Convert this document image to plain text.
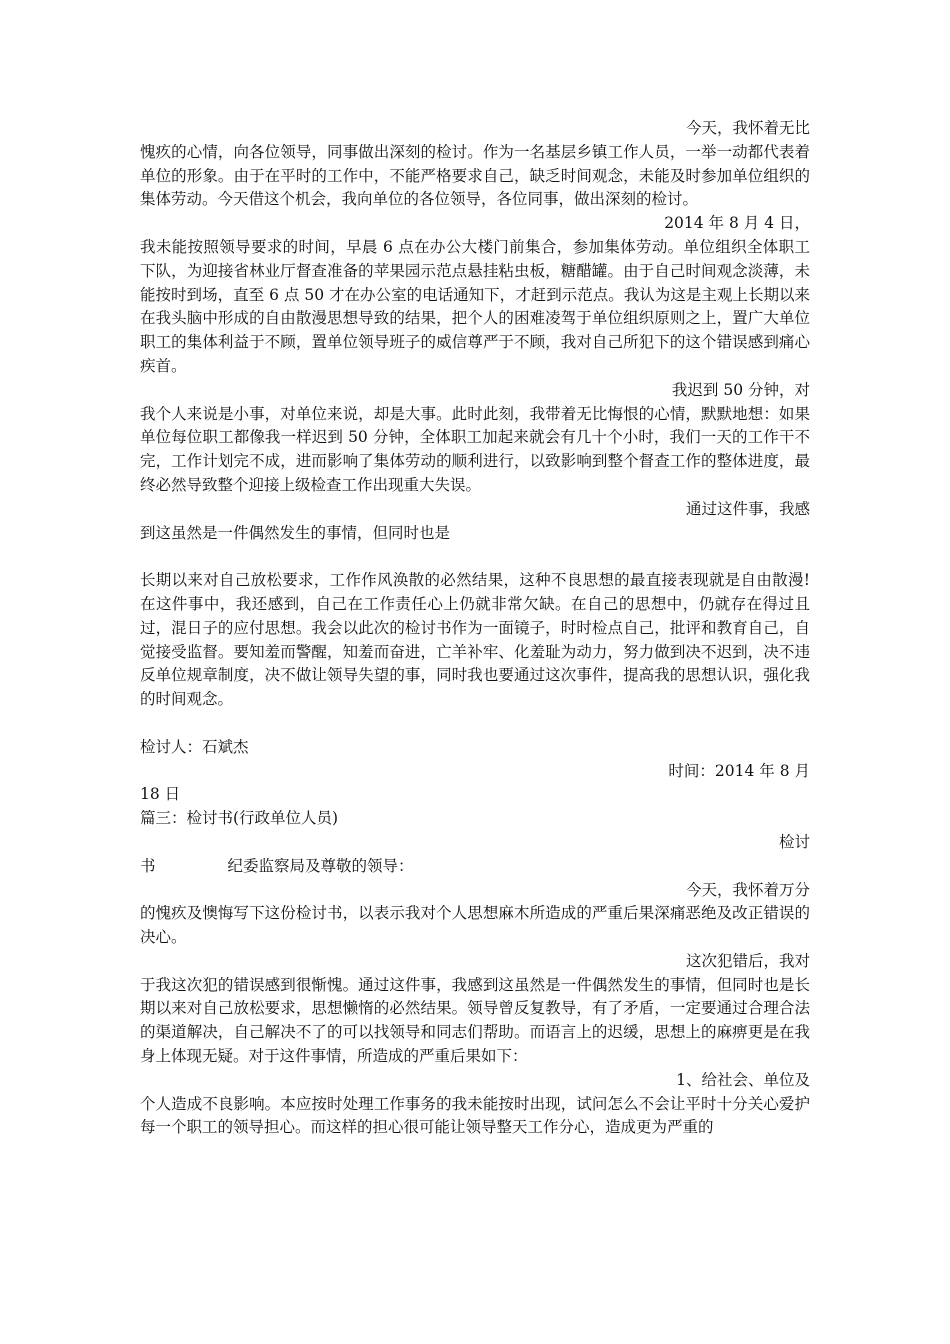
今天，我怀着无比
愧疚的心情，向各位领导，同事做出深刻的检讨。作为一名基层乡镇工作人员，一举一动都代表着单位的形象。由于在平时的工作中，不能严格要求自己，缺乏时间观念，未能及时参加单位组织的集体劳动。今天借这个机会，我向单位的各位领导，各位同事，做出深刻的检讨。

2014 年 8 月 4 日，
我未能按照领导要求的时间，早晨 6 点在办公大楼门前集合，参加集体劳动。单位组织全体职工下队，为迎接省林业厅督查准备的苹果园示范点悬挂粘虫板，糖醋罐。由于自己时间观念淡薄，未能按时到场，直至 6 点 50 才在办公室的电话通知下，才赶到示范点。我认为这是主观上长期以来在我头脑中形成的自由散漫思想导致的结果，把个人的困难凌驾于单位组织原则之上，置广大单位职工的集体利益于不顾，置单位领导班子的威信尊严于不顾，我对自己所犯下的这个错误感到痛心疾首。

我迟到 50 分钟，对
我个人来说是小事，对单位来说，却是大事。此时此刻，我带着无比悔恨的心情，默默地想：如果单位每位职工都像我一样迟到 50 分钟，全体职工加起来就会有几十个小时，我们一天的工作干不完，工作计划完不成，进而影响了集体劳动的顺利进行，以致影响到整个督查工作的整体进度，最终必然导致整个迎接上级检查工作出现重大失误。

通过这件事，我感
到这虽然是一件偶然发生的事情，但同时也是

长期以来对自己放松要求，工作作风涣散的必然结果，这种不良思想的最直接表现就是自由散漫!在这件事中，我还感到，自己在工作责任心上仍就非常欠缺。在自己的思想中，仍就存在得过且过，混日子的应付思想。我会以此次的检讨书作为一面镜子，时时检点自己，批评和教育自己，自觉接受监督。要知羞而警醒，知羞而奋进，亡羊补牢、化羞耻为动力，努力做到决不迟到，决不违反单位规章制度，决不做让领导失望的事，同时我也要通过这次事件，提高我的思想认识，强化我的时间观念。

检讨人：石斌杰

时间：2014 年 8 月

18 日

篇三：检讨书(行政单位人员)

检讨

书	纪委监察局及尊敬的领导：

今天，我怀着万分
的愧疚及懊悔写下这份检讨书，以表示我对个人思想麻木所造成的严重后果深痛恶绝及改正错误的决心。

这次犯错后，我对
于我这次犯的错误感到很惭愧。通过这件事，我感到这虽然是一件偶然发生的事情，但同时也是长期以来对自己放松要求，思想懒惰的必然结果。领导曾反复教导，有了矛盾，一定要通过合理合法的渠道解决，自己解决不了的可以找领导和同志们帮助。而语言上的迟缓，思想上的麻痹更是在我身上体现无疑。对于这件事情，所造成的严重后果如下：

1、给社会、单位及
个人造成不良影响。本应按时处理工作事务的我未能按时出现，试问怎么不会让平时十分关心爱护每一个职工的领导担心。而这样的担心很可能让领导整天工作分心，造成更为严重的
